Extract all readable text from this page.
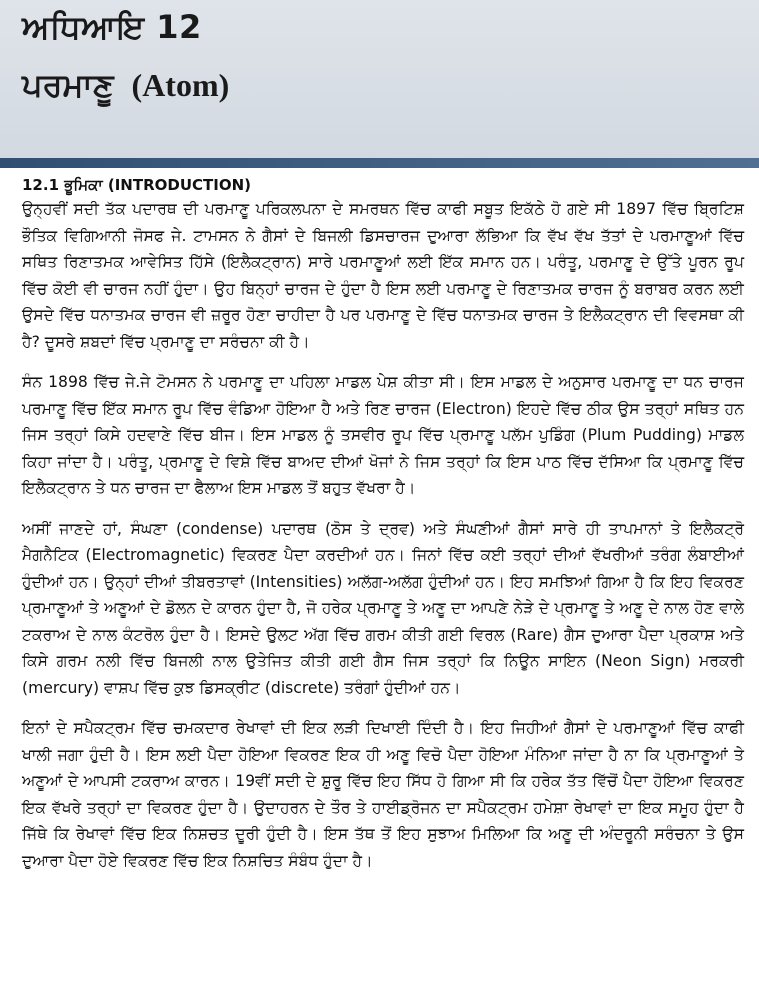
ਅਧਿਆਇ 12
ਪਰਮਾਣੂ (Atom)
12.1 ਭੂਮਿਕਾ (INTRODUCTION)

ਉਨ੍ਹਵੀਂ ਸਦੀ ਤੱਕ ਪਦਾਰਥ ਦੀ ਪਰਮਾਣੂ ਪਰਿਕਲਪਨਾ ਦੇ ਸਮਰਥਨ ਵਿੱਚ ਕਾਫੀ ਸਬੂਤ ਇਕੱਠੇ ਹੋ ਗਏ ਸੀ 1897 ਵਿੱਚ ਬ੍ਰਿਟਿਸ਼ ਭੌਤਿਕ ਵਿਗਿਆਨੀ ਜੋਸਫ ਜੇ. ਟਾਮਸਨ ਨੇ ਗੈਸਾਂ ਦੇ ਬਿਜਲੀ ਡਿਸਚਾਰਜ ਦੁਆਰਾ ਲੱਭਿਆ ਕਿ ਵੱਖ ਵੱਖ ਤੱਤਾਂ ਦੇ ਪਰਮਾਣੂਆਂ ਵਿੱਚ ਸਥਿਤ ਰਿਣਾਤਮਕ ਆਵੇਸਿਤ ਹਿੱਸੇ (ਇਲੈਕਟ੍ਰਾਨ) ਸਾਰੇ ਪਰਮਾਣੂਆਂ ਲਈ ਇੱਕ ਸਮਾਨ ਹਨ। ਪਰੰਤੂ, ਪਰਮਾਣੂ ਦੇ ਉੱਤੇ ਪੂਰਨ ਰੂਪ ਵਿੱਚ ਕੋਈ ਵੀ ਚਾਰਜ ਨਹੀਂ ਹੁੰਦਾ। ਉਹ ਬਿਨ੍ਹਾਂ ਚਾਰਜ ਦੇ ਹੁੰਦਾ ਹੈ ਇਸ ਲਈ ਪਰਮਾਣੂ ਦੇ ਰਿਣਾਤਮਕ ਚਾਰਜ ਨੂੰ ਬਰਾਬਰ ਕਰਨ ਲਈ ਉਸਦੇ ਵਿੱਚ ਧਨਾਤਮਕ ਚਾਰਜ ਵੀ ਜ਼ਰੂਰ ਹੋਣਾ ਚਾਹੀਦਾ ਹੈ ਪਰ ਪਰਮਾਣੂ ਦੇ ਵਿੱਚ ਧਨਾਤਮਕ ਚਾਰਜ ਤੇ ਇਲੈਕਟ੍ਰਾਨ ਦੀ ਵਿਵਸਥਾ ਕੀ ਹੈ? ਦੂਸਰੇ ਸ਼ਬਦਾਂ ਵਿੱਚ ਪ੍ਰਮਾਣੂ ਦਾ ਸਰੰਚਨਾ ਕੀ ਹੈ।

ਸੰਨ 1898 ਵਿੱਚ ਜੇ.ਜੇ ਟੋਮਸਨ ਨੇ ਪਰਮਾਣੂ ਦਾ ਪਹਿਲਾ ਮਾਡਲ ਪੇਸ਼ ਕੀਤਾ ਸੀ। ਇਸ ਮਾਡਲ ਦੇ ਅਨੁਸਾਰ ਪਰਮਾਣੂ ਦਾ ਧਨ ਚਾਰਜ ਪਰਮਾਣੂ ਵਿੱਚ ਇੱਕ ਸਮਾਨ ਰੂਪ ਵਿੱਚ ਵੰਡਿਆ ਹੋਇਆ ਹੈ ਅਤੇ ਰਿਣ ਚਾਰਜ (Electron) ਇਹਦੇ ਵਿੱਚ ਠੀਕ ਉਸ ਤਰ੍ਹਾਂ ਸਥਿਤ ਹਨ ਜਿਸ ਤਰ੍ਹਾਂ ਕਿਸੇ ਹਦਵਾਣੇ ਵਿੱਚ ਬੀਜ। ਇਸ ਮਾਡਲ ਨੂੰ ਤਸਵੀਰ ਰੂਪ ਵਿੱਚ ਪ੍ਰਮਾਣੂ ਪਲੱਮ ਪੁਡਿੰਗ (Plum Pudding) ਮਾਡਲ ਕਿਹਾ ਜਾਂਦਾ ਹੈ। ਪਰੰਤੂ, ਪ੍ਰਮਾਣੂ ਦੇ ਵਿਸ਼ੇ ਵਿੱਚ ਬਾਅਦ ਦੀਆਂ ਖੋਜਾਂ ਨੇ ਜਿਸ ਤਰ੍ਹਾਂ ਕਿ ਇਸ ਪਾਠ ਵਿੱਚ ਦੱਸਿਆ ਕਿ ਪ੍ਰਮਾਣੂ ਵਿੱਚ ਇਲੈਕਟ੍ਰਾਨ ਤੇ ਧਨ ਚਾਰਜ ਦਾ ਫੈਲਾਅ ਇਸ ਮਾਡਲ ਤੋਂ ਬਹੁਤ ਵੱਖਰਾ ਹੈ।

ਅਸੀਂ ਜਾਣਦੇ ਹਾਂ, ਸੰਘਣਾ (condense) ਪਦਾਰਥ (ਠੋਸ ਤੇ ਦ੍ਰਵ) ਅਤੇ ਸੰਘਣੀਆਂ ਗੈਸਾਂ ਸਾਰੇ ਹੀ ਤਾਪਮਾਨਾਂ ਤੇ ਇਲੈਕਟ੍ਰੋ ਮੈਗਨੈਟਿਕ (Electromagnetic) ਵਿਕਰਣ ਪੈਦਾ ਕਰਦੀਆਂ ਹਨ। ਜਿਨਾਂ ਵਿੱਚ ਕਈ ਤਰ੍ਹਾਂ ਦੀਆਂ ਵੱਖਰੀਆਂ ਤਰੰਗ ਲੰਬਾਈਆਂ ਹੁੰਦੀਆਂ ਹਨ। ਉਨ੍ਹਾਂ ਦੀਆਂ ਤੀਬਰਤਾਵਾਂ (Intensities) ਅਲੱਗ-ਅਲੱਗ ਹੁੰਦੀਆਂ ਹਨ। ਇਹ ਸਮਝਿਆਂ ਗਿਆ ਹੈ ਕਿ ਇਹ ਵਿਕਰਣ ਪ੍ਰਮਾਣੂਆਂ ਤੇ ਅਣੂਆਂ ਦੇ ਡੋਲਨ ਦੇ ਕਾਰਨ ਹੁੰਦਾ ਹੈ, ਜੋ ਹਰੇਕ ਪ੍ਰਮਾਣੂ ਤੇ ਅਣੂ ਦਾ ਆਪਣੇ ਨੇੜੇ ਦੇ ਪ੍ਰਮਾਣੂ ਤੇ ਅਣੂ ਦੇ ਨਾਲ ਹੋਣ ਵਾਲੇ ਟਕਰਾਅ ਦੇ ਨਾਲ ਕੰਟਰੋਲ ਹੁੰਦਾ ਹੈ। ਇਸਦੇ ਉਲਟ ਅੱਗ ਵਿੱਚ ਗਰਮ ਕੀਤੀ ਗਈ ਵਿਰਲ (Rare) ਗੈਸ ਦੁਆਰਾ ਪੈਦਾ ਪ੍ਰਕਾਸ਼ ਅਤੇ ਕਿਸੇ ਗਰਮ ਨਲੀ ਵਿੱਚ ਬਿਜਲੀ ਨਾਲ ਉਤੇਜਿਤ ਕੀਤੀ ਗਈ ਗੈਸ ਜਿਸ ਤਰ੍ਹਾਂ ਕਿ ਨਿਊਨ ਸਾਇਨ (Neon Sign) ਮਰਕਰੀ (mercury) ਵਾਸ਼ਪ ਵਿੱਚ ਕੁਝ ਡਿਸਕ੍ਰੀਟ (discrete) ਤਰੰਗਾਂ ਹੁੰਦੀਆਂ ਹਨ।

ਇਨਾਂ ਦੇ ਸਪੈਕਟ੍ਰਮ ਵਿੱਚ ਚਮਕਦਾਰ ਰੇਖਾਵਾਂ ਦੀ ਇਕ ਲੜੀ ਦਿਖਾਈ ਦਿੰਦੀ ਹੈ। ਇਹ ਜਿਹੀਆਂ ਗੈਸਾਂ ਦੇ ਪਰਮਾਣੂਆਂ ਵਿੱਚ ਕਾਫੀ ਖਾਲੀ ਜਗਾ ਹੁੰਦੀ ਹੈ। ਇਸ ਲਈ ਪੈਦਾ ਹੋਇਆ ਵਿਕਰਣ ਇਕ ਹੀ ਅਣੂ ਵਿਚੋ ਪੈਦਾ ਹੋਇਆ ਮੰਨਿਆ ਜਾਂਦਾ ਹੈ ਨਾ ਕਿ ਪ੍ਰਮਾਣੂਆਂ ਤੇ ਅਣੂਆਂ ਦੇ ਆਪਸੀ ਟਕਰਾਅ ਕਾਰਨ। 19ਵੀਂ ਸਦੀ ਦੇ ਸ਼ੁਰੂ ਵਿੱਚ ਇਹ ਸਿੱਧ ਹੋ ਗਿਆ ਸੀ ਕਿ ਹਰੇਕ ਤੱਤ ਵਿੱਚੋਂ ਪੈਦਾ ਹੋਇਆ ਵਿਕਰਣ ਇਕ ਵੱਖਰੇ ਤਰ੍ਹਾਂ ਦਾ ਵਿਕਰਣ ਹੁੰਦਾ ਹੈ। ਉਦਾਹਰਨ ਦੇ ਤੌਰ ਤੇ ਹਾਈਡ੍ਰੋਜਨ ਦਾ ਸਪੈਕਟ੍ਰਮ ਹਮੇਸ਼ਾ ਰੇਖਾਵਾਂ ਦਾ ਇਕ ਸਮੂਹ ਹੁੰਦਾ ਹੈ ਜਿੱਥੇ ਕਿ ਰੇਖਾਵਾਂ ਵਿੱਚ ਇਕ ਨਿਸ਼ਚਤ ਦੂਰੀ ਹੁੰਦੀ ਹੈ। ਇਸ ਤੱਥ ਤੋਂ ਇਹ ਸੁਝਾਅ ਮਿਲਿਆ ਕਿ ਅਣੂ ਦੀ ਅੰਦਰੂਨੀ ਸਰੰਚਨਾ ਤੇ ਉਸ ਦੁਆਰਾ ਪੈਦਾ ਹੋਏ ਵਿਕਰਣ ਵਿੱਚ ਇਕ ਨਿਸ਼ਚਿਤ ਸੰਬੰਧ ਹੁੰਦਾ ਹੈ।
